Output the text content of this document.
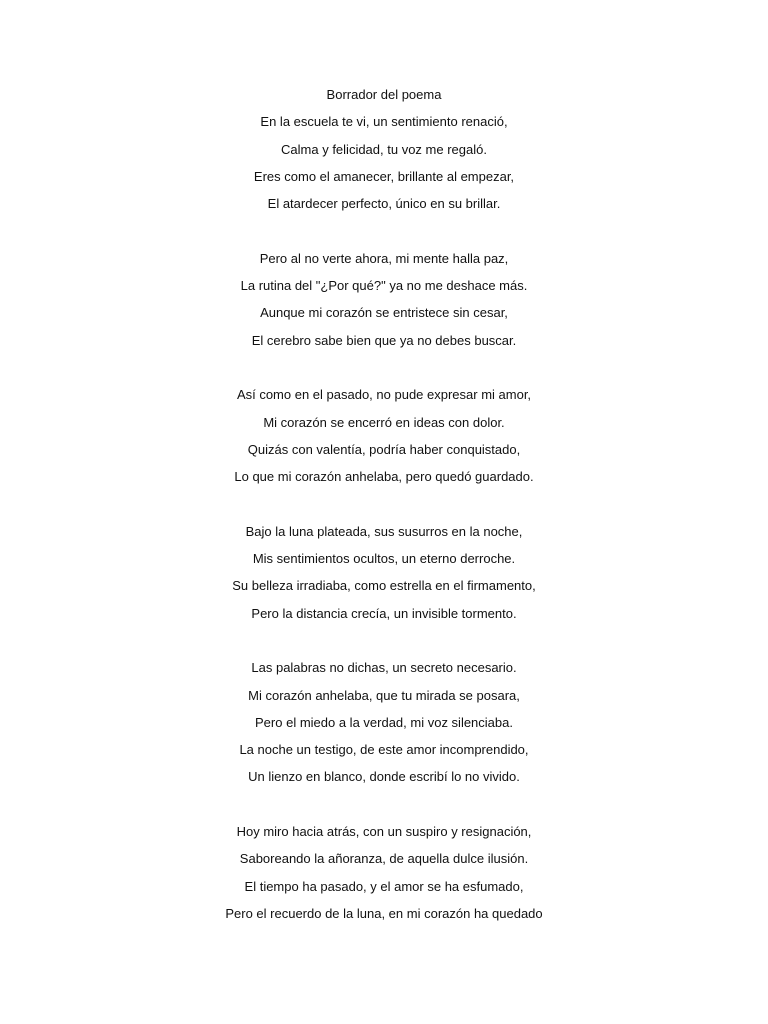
Borrador del poema
En la escuela te vi, un sentimiento renació,
Calma y felicidad, tu voz me regaló.
Eres como el amanecer, brillante al empezar,
El atardecer perfecto, único en su brillar.
Pero al no verte ahora, mi mente halla paz,
La rutina del "¿Por qué?" ya no me deshace más.
Aunque mi corazón se entristece sin cesar,
El cerebro sabe bien que ya no debes buscar.
Así como en el pasado, no pude expresar mi amor,
Mi corazón se encerró en ideas con dolor.
Quizás con valentía, podría haber conquistado,
Lo que mi corazón anhelaba, pero quedó guardado.
Bajo la luna plateada, sus susurros en la noche,
Mis sentimientos ocultos, un eterno derroche.
Su belleza irradiaba, como estrella en el firmamento,
Pero la distancia crecía, un invisible tormento.
Las palabras no dichas, un secreto necesario.
Mi corazón anhelaba, que tu mirada se posara,
Pero el miedo a la verdad, mi voz silenciaba.
La noche un testigo, de este amor incomprendido,
Un lienzo en blanco, donde escribí lo no vivido.
Hoy miro hacia atrás, con un suspiro y resignación,
Saboreando la añoranza, de aquella dulce ilusión.
El tiempo ha pasado, y el amor se ha esfumado,
Pero el recuerdo de la luna, en mi corazón ha quedado
